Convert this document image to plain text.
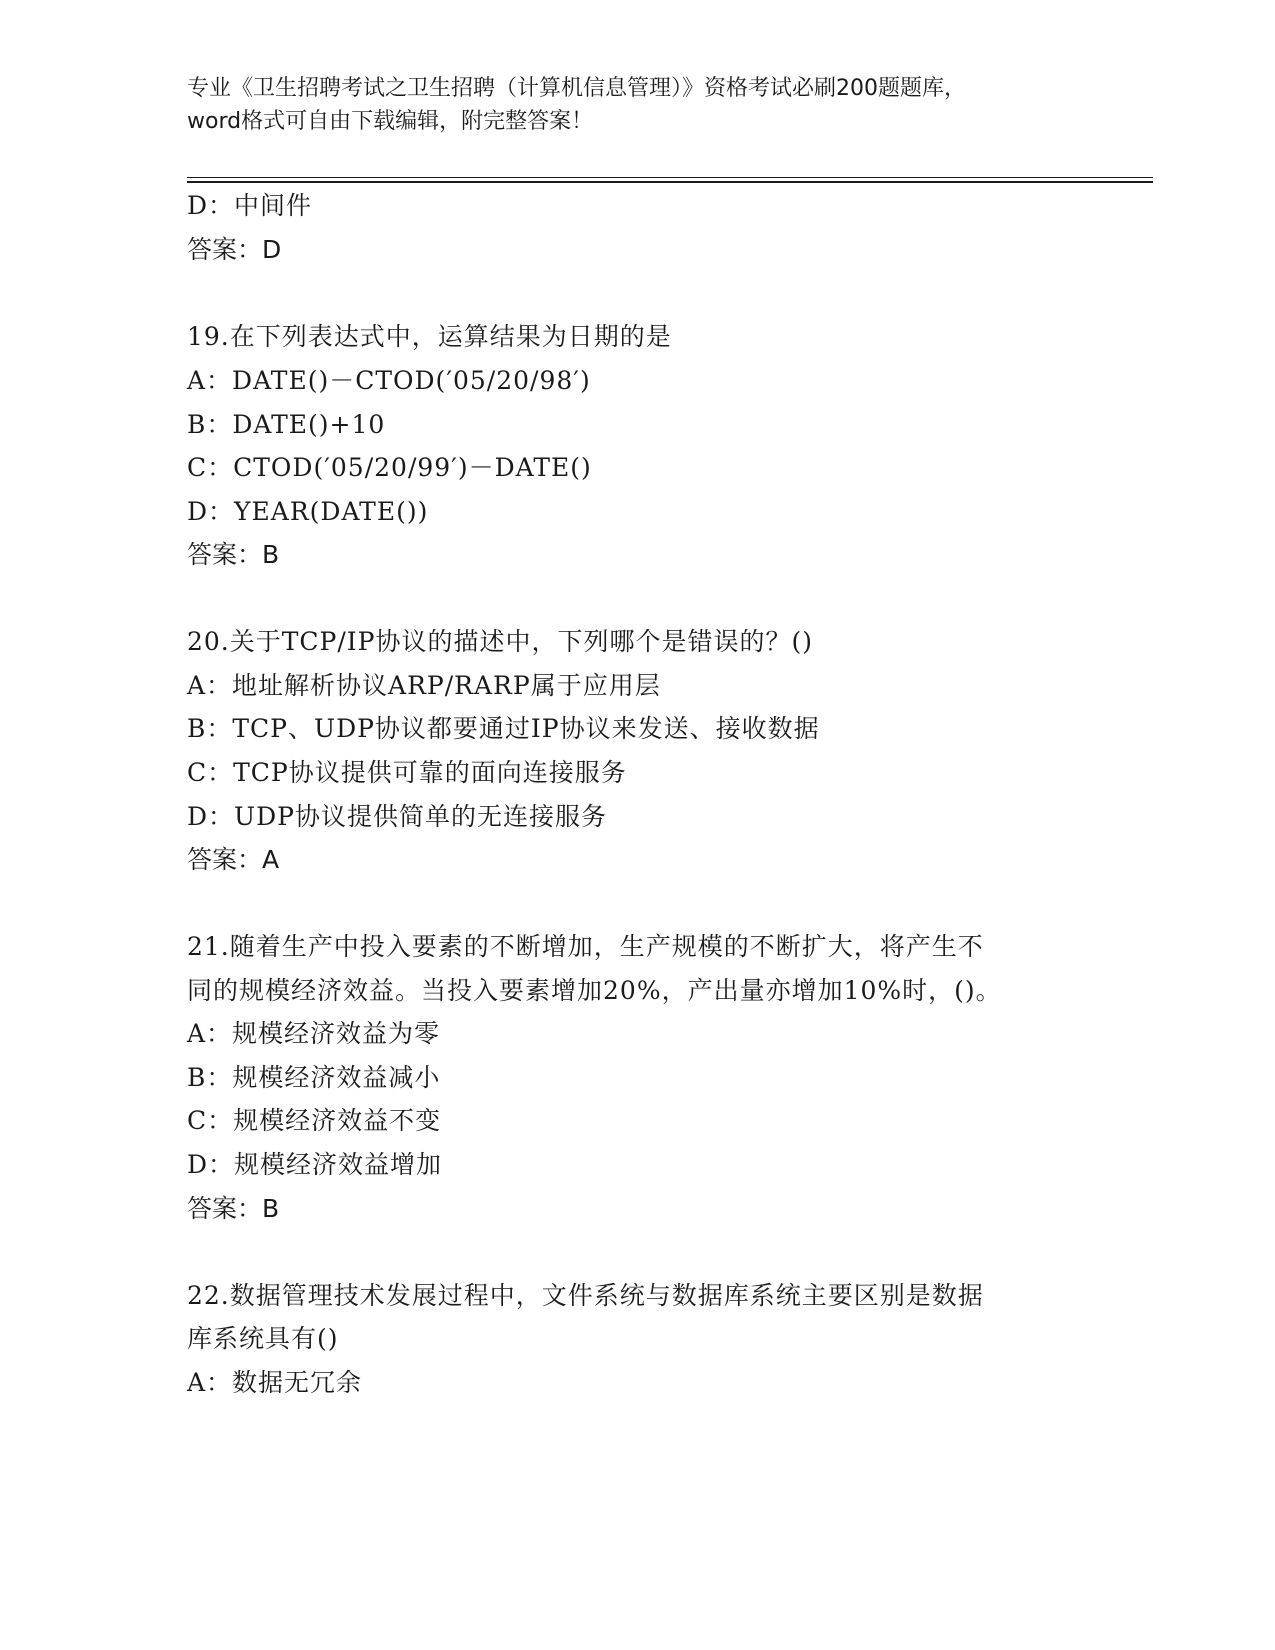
专业《卫生招聘考试之卫生招聘（计算机信息管理）》资格考试必刷200题题库，
word格式可自由下载编辑，附完整答案！
D：中间件
答案：D
19.在下列表达式中，运算结果为日期的是
A：DATE()－CTOD(′05/20/98′)
B：DATE()+10
C：CTOD(′05/20/99′)－DATE()
D：YEAR(DATE())
答案：B
20.关于TCP/IP协议的描述中，下列哪个是错误的？()
A：地址解析协议ARP/RARP属于应用层
B：TCP、UDP协议都要通过IP协议来发送、接收数据
C：TCP协议提供可靠的面向连接服务
D：UDP协议提供简单的无连接服务
答案：A
21.随着生产中投入要素的不断增加，生产规模的不断扩大，将产生不
同的规模经济效益。当投入要素增加20%，产出量亦增加10%时，()。
A：规模经济效益为零
B：规模经济效益减小
C：规模经济效益不变
D：规模经济效益增加
答案：B
22.数据管理技术发展过程中，文件系统与数据库系统主要区别是数据
库系统具有()
A：数据无冗余
